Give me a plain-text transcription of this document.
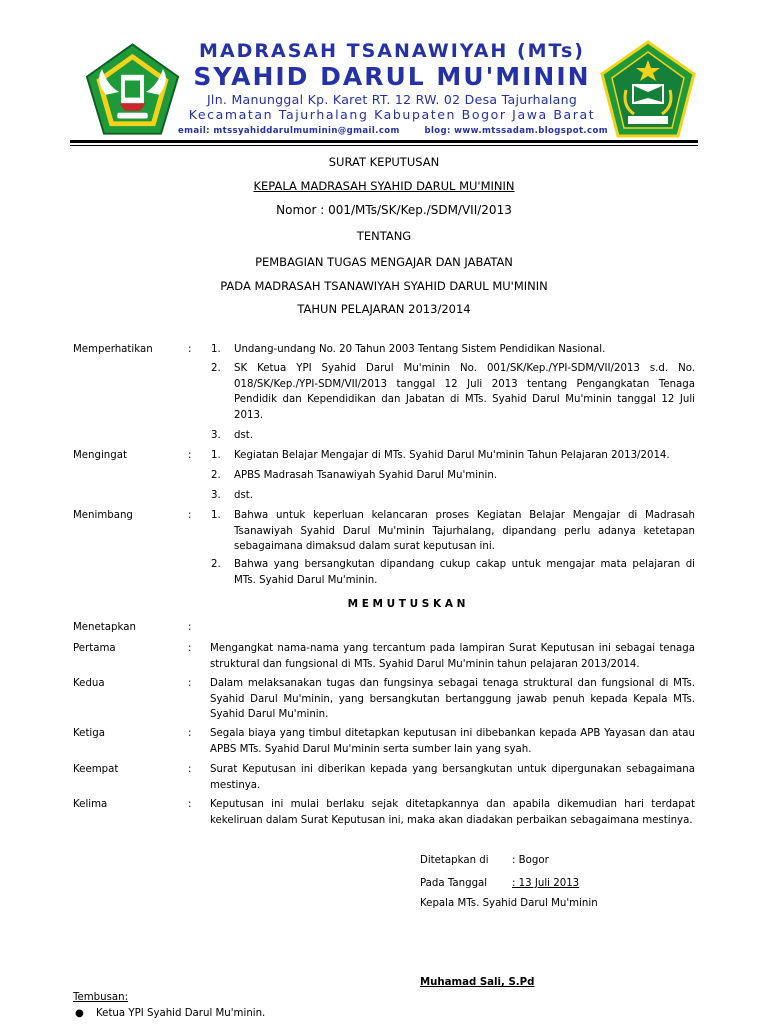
MADRASAH TSANAWIYAH (MTs)
SYAHID DARUL MU'MININ
Jln. Manunggal Kp. Karet RT. 12 RW. 02 Desa Tajurhalang
Kecamatan Tajurhalang Kabupaten Bogor Jawa Barat
email: mtssyahiddarulmuminin@gmail.com	blog: www.mtssadam.blogspot.com
SURAT KEPUTUSAN
KEPALA MADRASAH SYAHID DARUL MU'MININ
Nomor : 001/MTs/SK/Kep./SDM/VII/2013
TENTANG
PEMBAGIAN TUGAS MENGAJAR DAN JABATAN
PADA MADRASAH TSANAWIYAH SYAHID DARUL MU'MININ
TAHUN PELAJARAN 2013/2014
Memperhatikan	: 1. Undang-undang No. 20 Tahun 2003 Tentang Sistem Pendidikan Nasional.
2. SK Ketua YPI Syahid Darul Mu'minin No. 001/SK/Kep./YPI-SDM/VII/2013 s.d. No. 018/SK/Kep./YPI-SDM/VII/2013 tanggal 12 Juli 2013 tentang Pengangkatan Tenaga Pendidik dan Kependidikan dan Jabatan di MTs. Syahid Darul Mu'minin tanggal 12 Juli 2013.
3. dst.
Mengingat	: 1. Kegiatan Belajar Mengajar di MTs. Syahid Darul Mu'minin Tahun Pelajaran 2013/2014.
2. APBS Madrasah Tsanawiyah Syahid Darul Mu'minin.
3. dst.
Menimbang	: 1. Bahwa untuk keperluan kelancaran proses Kegiatan Belajar Mengajar di Madrasah Tsanawiyah Syahid Darul Mu'minin Tajurhalang, dipandang perlu adanya ketetapan sebagaimana dimaksud dalam surat keputusan ini.
2. Bahwa yang bersangkutan dipandang cukup cakap untuk mengajar mata pelajaran di MTs. Syahid Darul Mu'minin.
M E M U T U S K A N
Menetapkan	:
Pertama	: Mengangkat nama-nama yang tercantum pada lampiran Surat Keputusan ini sebagai tenaga struktural dan fungsional di MTs. Syahid Darul Mu'minin tahun pelajaran 2013/2014.
Kedua	: Dalam melaksanakan tugas dan fungsinya sebagai tenaga struktural dan fungsional di MTs. Syahid Darul Mu'minin, yang bersangkutan bertanggung jawab penuh kepada Kepala MTs. Syahid Darul Mu'minin.
Ketiga	: Segala biaya yang timbul ditetapkan keputusan ini dibebankan kepada APB Yayasan dan atau APBS MTs. Syahid Darul Mu'minin serta sumber lain yang syah.
Keempat	: Surat Keputusan ini diberikan kepada yang bersangkutan untuk dipergunakan sebagaimana mestinya.
Kelima	: Keputusan ini mulai berlaku sejak ditetapkannya dan apabila dikemudian hari terdapat kekeliruan dalam Surat Keputusan ini, maka akan diadakan perbaikan sebagaimana mestinya.
Ditetapkan di : Bogor
Pada Tanggal : 13 Juli 2013
Kepala MTs. Syahid Darul Mu'minin
Muhamad Sali, S.Pd
Tembusan:
● Ketua YPI Syahid Darul Mu'minin.
